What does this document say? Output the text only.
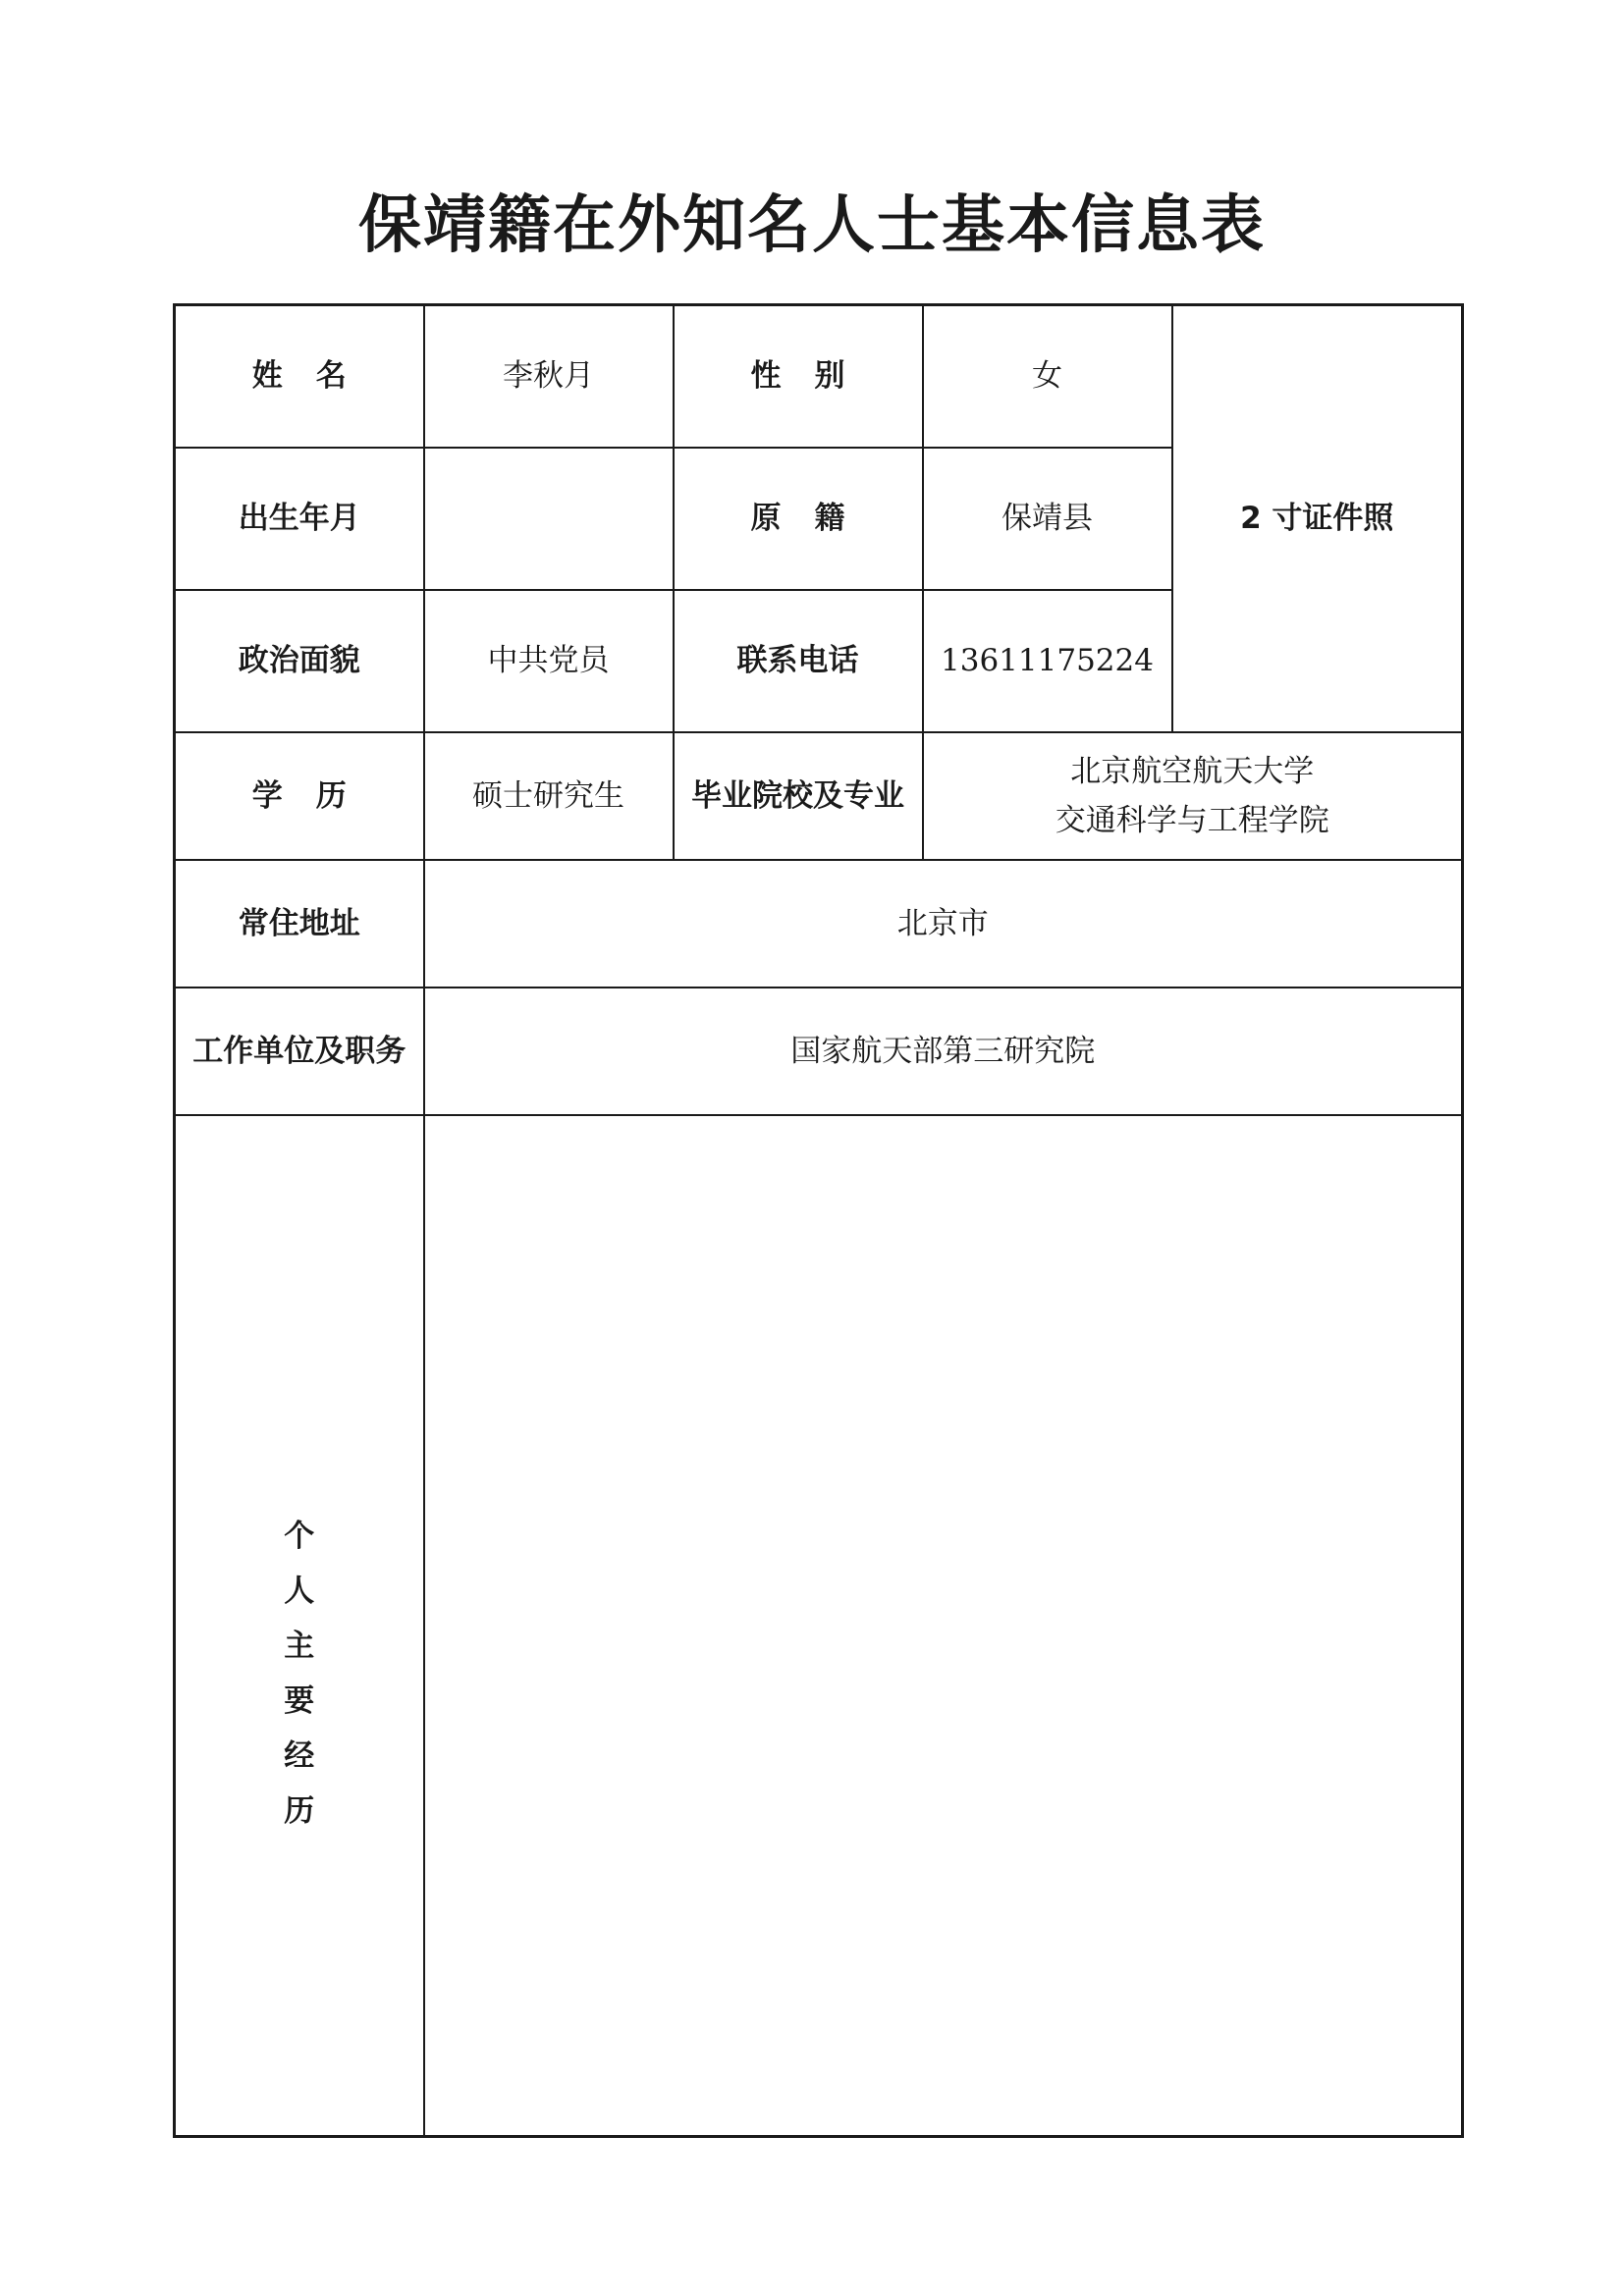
保靖籍在外知名人士基本信息表
姓名	李秋月	性别	女	2 寸证件照
出生年月		原籍	保靖县	
政治面貌	中共党员	联系电话	13611175224	
学历	硕士研究生	毕业院校及专业	北京航空航天大学
交通科学与工程学院	

常住地址	北京市			
工作单位及职务	国家航天部第三研究院			
个人主要经历				
